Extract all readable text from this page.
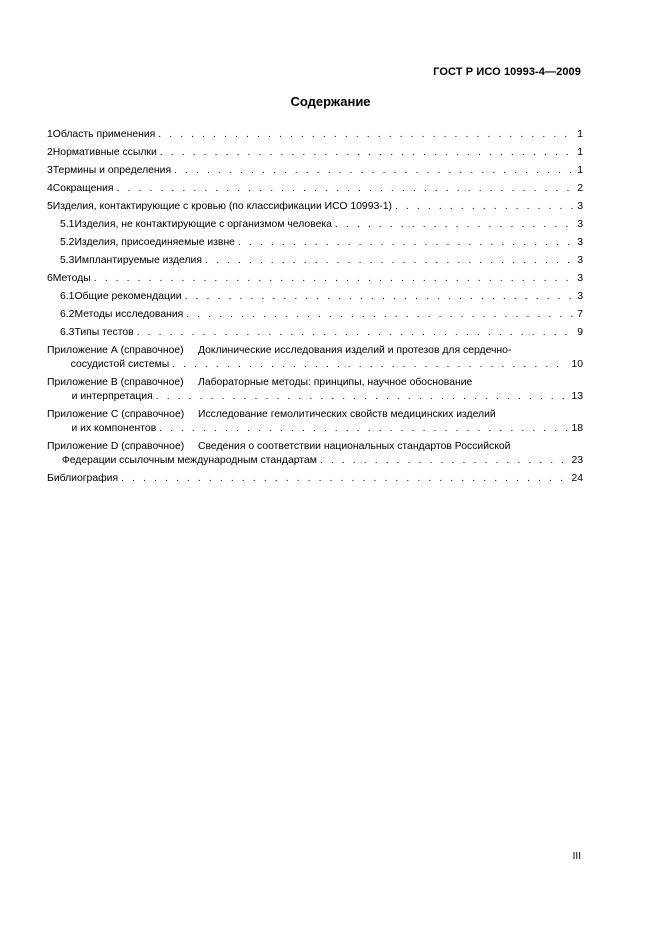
ГОСТ Р ИСО 10993-4—2009
Содержание
1 Область применения . . .	1
2 Нормативные ссылки . . .	1
3 Термины и определения . . .	1
4 Сокращения . . .	2
5 Изделия, контактирующие с кровью (по классификации ИСО 10993-1) . . .	3
5.1 Изделия, не контактирующие с организмом человека . . .	3
5.2 Изделия, присоединяемые извне . . .	3
5.3 Имплантируемые изделия . . .	3
6 Методы . . .	3
6.1 Общие рекомендации . . .	3
6.2 Методы исследования . . .	7
6.3 Типы тестов . . .	9
Приложение А (справочное)	Доклинические исследования изделий и протезов для сердечно-
сосудистой системы . . .	10
Приложение В (справочное)	Лабораторные методы: принципы, научное обоснование
и интерпретация . . .	13
Приложение С (справочное)	Исследование гемолитических свойств медицинских изделий
и их компонентов . . .	18
Приложение D (справочное)	Сведения о соответствии национальных стандартов Российской
Федерации ссылочным международным стандартам . . .	23
Библиография . . .	24
III
